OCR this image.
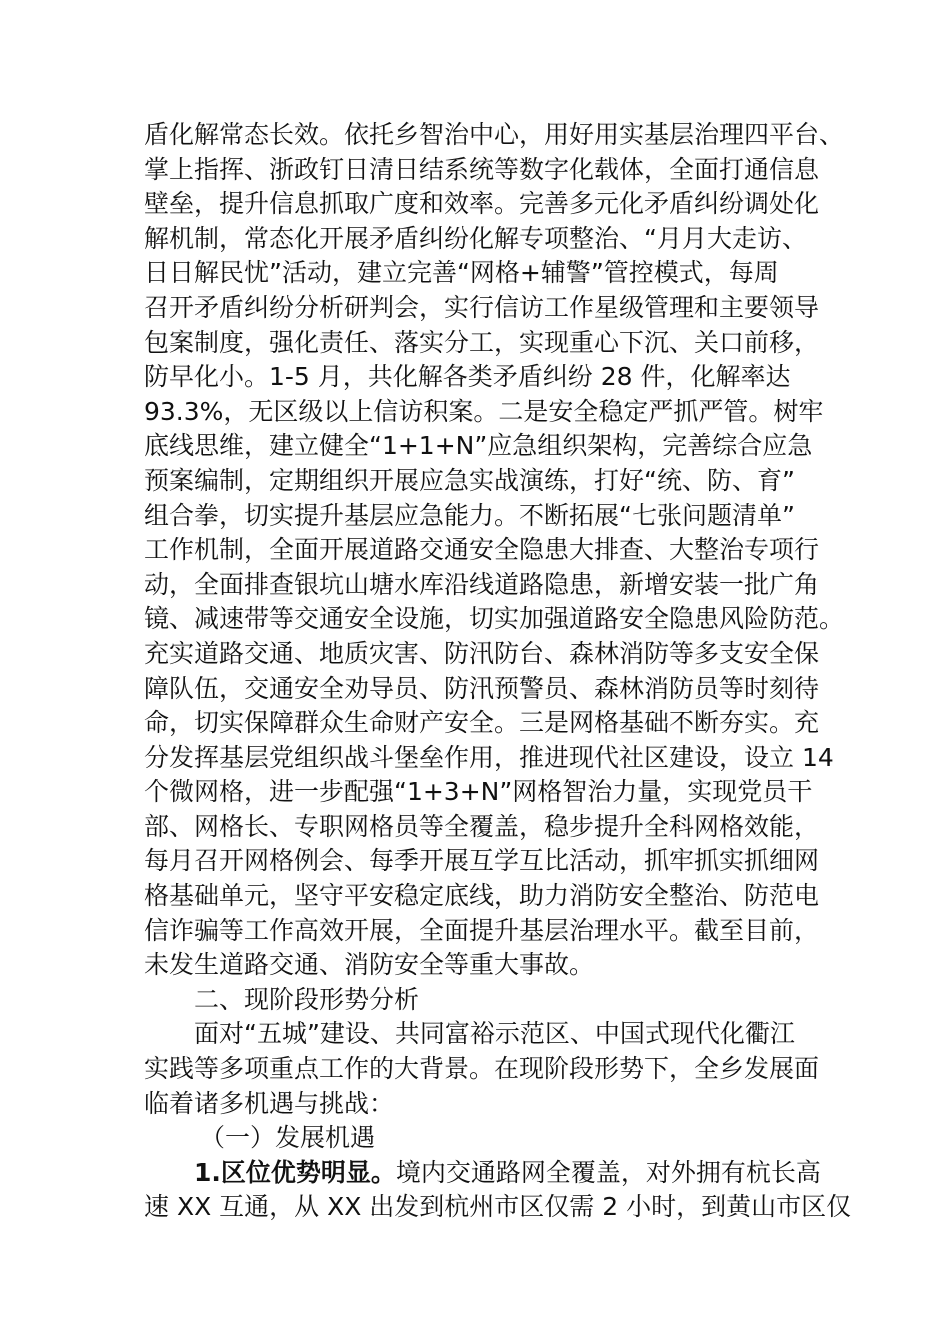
盾化解常态长效。依托乡智治中心，用好用实基层治理四平台、
掌上指挥、浙政钉日清日结系统等数字化载体，全面打通信息
壁垒，提升信息抓取广度和效率。完善多元化矛盾纠纷调处化
解机制，常态化开展矛盾纠纷化解专项整治、“月月大走访、
日日解民忧”活动，建立完善“网格+辅警”管控模式，每周
召开矛盾纠纷分析研判会，实行信访工作星级管理和主要领导
包案制度，强化责任、落实分工，实现重心下沉、关口前移，
防早化小。1-5 月，共化解各类矛盾纠纷 28 件，化解率达
93.3%，无区级以上信访积案。二是安全稳定严抓严管。树牢
底线思维，建立健全“1+1+N”应急组织架构，完善综合应急
预案编制，定期组织开展应急实战演练，打好“统、防、育”
组合拳，切实提升基层应急能力。不断拓展“七张问题清单”
工作机制，全面开展道路交通安全隐患大排查、大整治专项行
动，全面排查银坑山塘水库沿线道路隐患，新增安装一批广角
镜、减速带等交通安全设施，切实加强道路安全隐患风险防范。
充实道路交通、地质灾害、防汛防台、森林消防等多支安全保
障队伍，交通安全劝导员、防汛预警员、森林消防员等时刻待
命，切实保障群众生命财产安全。三是网格基础不断夯实。充
分发挥基层党组织战斗堡垒作用，推进现代社区建设，设立 14
个微网格，进一步配强“1+3+N”网格智治力量，实现党员干
部、网格长、专职网格员等全覆盖，稳步提升全科网格效能，
每月召开网格例会、每季开展互学互比活动，抓牢抓实抓细网
格基础单元，坚守平安稳定底线，助力消防安全整治、防范电
信诈骗等工作高效开展，全面提升基层治理水平。截至目前，
未发生道路交通、消防安全等重大事故。
二、现阶段形势分析
面对“五城”建设、共同富裕示范区、中国式现代化衢江
实践等多项重点工作的大背景。在现阶段形势下，全乡发展面
临着诸多机遇与挑战：
（一）发展机遇
1.区位优势明显。境内交通路网全覆盖，对外拥有杭长高
速 XX 互通，从 XX 出发到杭州市区仅需 2 小时，到黄山市区仅
